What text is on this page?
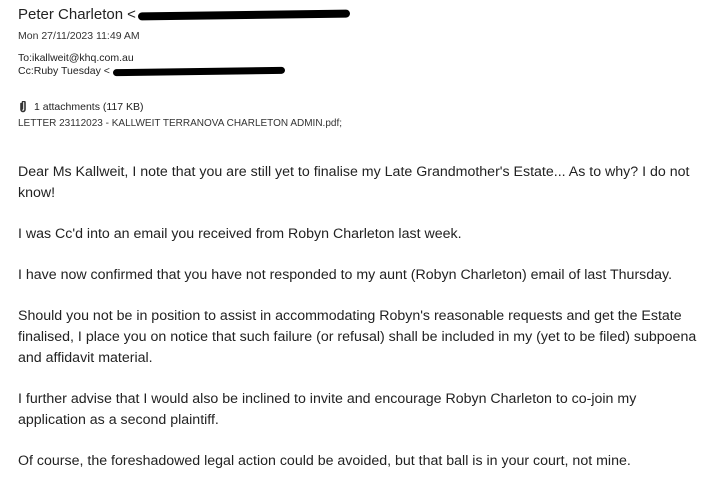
Peter Charleton <
Mon 27/11/2023 11:49 AM
To:ikallweit@khq.com.au
Cc:Ruby Tuesday <
1 attachments (117 KB)
LETTER 23112023 - KALLWEIT TERRANOVA CHARLETON ADMIN.pdf;

Dear Ms Kallweit, I note that you are still yet to finalise my Late Grandmother's Estate... As to why? I do not know!

I was Cc'd into an email you received from Robyn Charleton last week.

I have now confirmed that you have not responded to my aunt (Robyn Charleton) email of last Thursday.

Should you not be in position to assist in accommodating Robyn's reasonable requests and get the Estate finalised, I place you on notice that such failure (or refusal) shall be included in my (yet to be filed) subpoena and affidavit material.

I further advise that I would also be inclined to invite and encourage Robyn Charleton to co-join my application as a second plaintiff.

Of course, the foreshadowed legal action could be avoided, but that ball is in your court, not mine.
